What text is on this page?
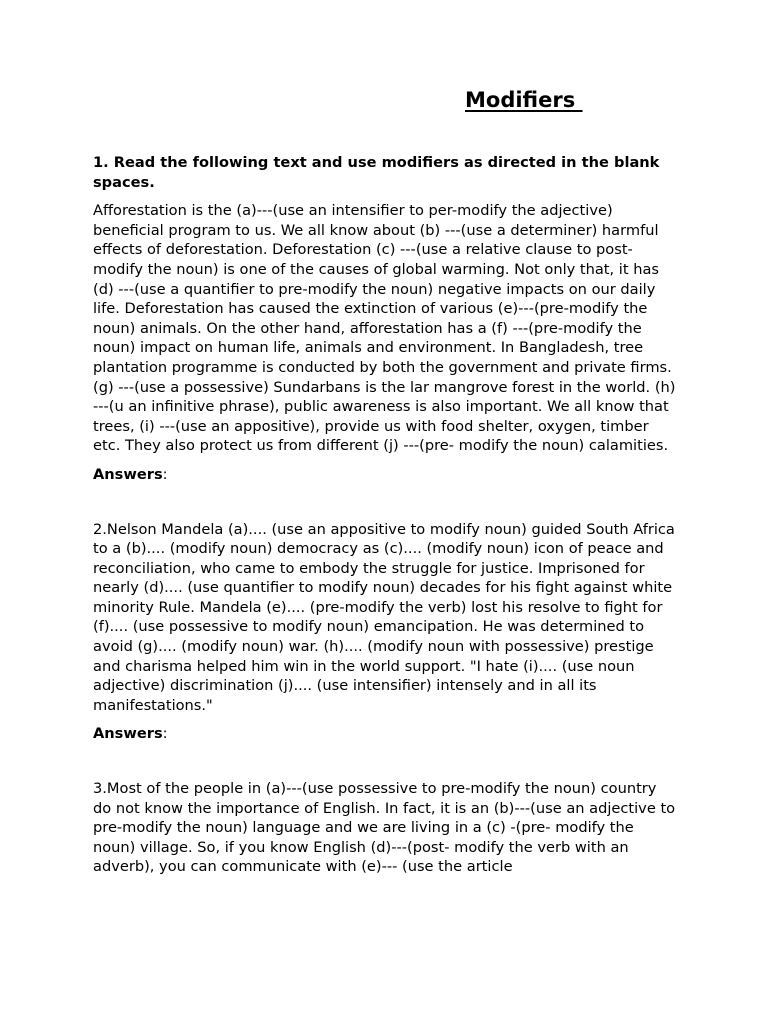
Modifiers

1. Read the following text and use modifiers as directed in the blank spaces.

Afforestation is the (a)---(use an intensifier to per-modify the adjective) beneficial program to us. We all know about (b) ---(use a determiner) harmful effects of deforestation. Deforestation (c) ---(use a relative clause to post-modify the noun) is one of the causes of global warming. Not only that, it has (d) ---(use a quantifier to pre-modify the noun) negative impacts on our daily life. Deforestation has caused the extinction of various (e)---(pre-modify the noun) animals. On the other hand, afforestation has a (f) ---(pre-modify the noun) impact on human life, animals and environment. In Bangladesh, tree plantation programme is conducted by both the government and private firms. (g) ---(use a possessive) Sundarbans is the lar mangrove forest in the world. (h) ---(u an infinitive phrase), public awareness is also important. We all know that trees, (i) ---(use an appositive), provide us with food shelter, oxygen, timber etc. They also protect us from different (j) ---(pre- modify the noun) calamities.

Answers:

2.Nelson Mandela (a).... (use an appositive to modify noun) guided South Africa to a (b).... (modify noun) democracy as (c).... (modify noun) icon of peace and reconciliation, who came to embody the struggle for justice. Imprisoned for nearly (d).... (use quantifier to modify noun) decades for his fight against white minority Rule. Mandela (e).... (pre-modify the verb) lost his resolve to fight for (f).... (use possessive to modify noun) emancipation. He was determined to avoid (g).... (modify noun) war. (h).... (modify noun with possessive) prestige and charisma helped him win in the world support. "I hate (i).... (use noun adjective) discrimination (j).... (use intensifier) intensely and in all its manifestations."

Answers:

3.Most of the people in (a)---(use possessive to pre-modify the noun) country do not know the importance of English. In fact, it is an (b)---(use an adjective to pre-modify the noun) language and we are living in a (c) -(pre- modify the noun) village. So, if you know English (d)---(post- modify the verb with an adverb), you can communicate with (e)--- (use the article
